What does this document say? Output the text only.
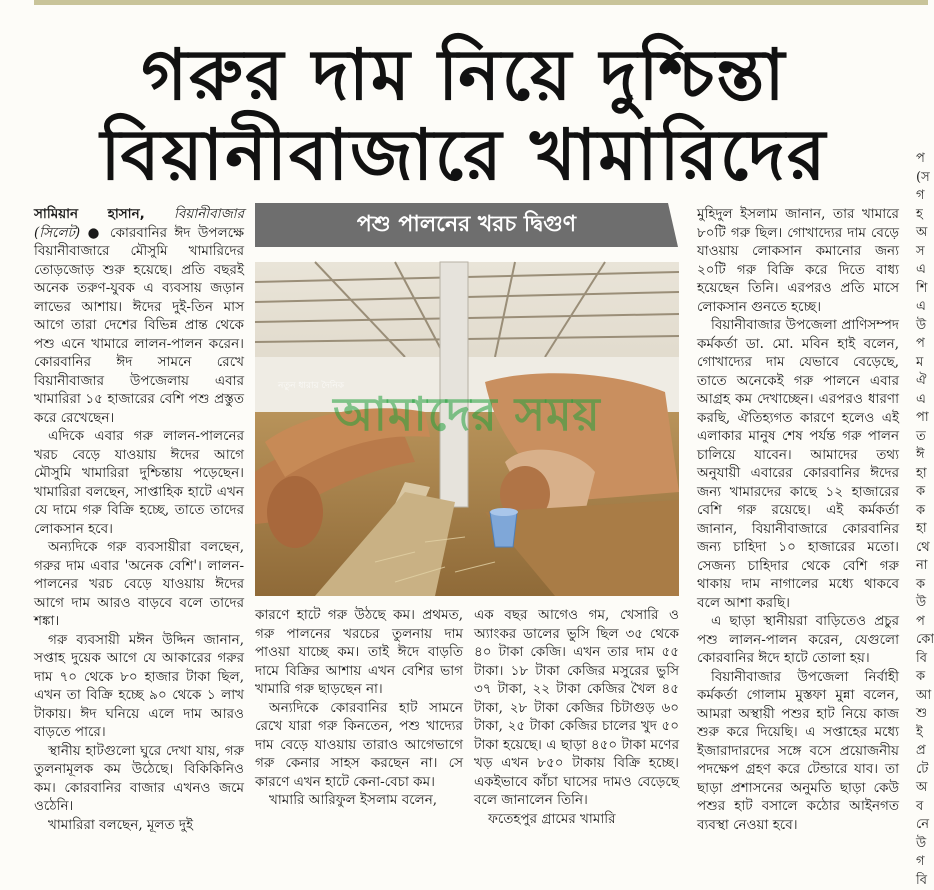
গরুর দাম নিয়ে দুশ্চিন্তা
বিয়ানীবাজারে খামারিদের
পশু পালনের খরচ দ্বিগুণ

সামিয়ান হাসান, বিয়ানীবাজার (সিলেট) ● কোরবানির ঈদ উপলক্ষে বিয়ানীবাজারে মৌসুমি খামারিদের তোড়জোড় শুরু হয়েছে। প্রতি বছরই অনেক তরুণ-যুবক এ ব্যবসায় জড়ান লাভের আশায়। ঈদের দুই-তিন মাস আগে তারা দেশের বিভিন্ন প্রান্ত থেকে পশু এনে খামারে লালন-পালন করেন। কোরবানির ঈদ সামনে রেখে বিয়ানীবাজার উপজেলায় এবার খামারিরা ১৫ হাজারের বেশি পশু প্রস্তুত করে রেখেছেন।

এদিকে এবার গরু লালন-পালনের খরচ বেড়ে যাওয়ায় ঈদের আগে মৌসুমি খামারিরা দুশ্চিন্তায় পড়েছেন। খামারিরা বলছেন, সাপ্তাহিক হাটে এখন যে দামে গরু বিক্রি হচ্ছে, তাতে তাদের লোকসান হবে।

অন্যদিকে গরু ব্যবসায়ীরা বলছেন, গরুর দাম এবার 'অনেক বেশি'। লালন-পালনের খরচ বেড়ে যাওয়ায় ঈদের আগে দাম আরও বাড়বে বলে তাদের শঙ্কা।

গরু ব্যবসায়ী মঈন উদ্দিন জানান, সপ্তাহ দুয়েক আগে যে আকারের গরুর দাম ৭০ থেকে ৮০ হাজার টাকা ছিল, এখন তা বিক্রি হচ্ছে ৯০ থেকে ১ লাখ টাকায়। ঈদ ঘনিয়ে এলে দাম আরও বাড়তে পারে।

স্থানীয় হাটগুলো ঘুরে দেখা যায়, গরু তুলনামূলক কম উঠেছে। বিকিকিনিও কম। কোরবানির বাজার এখনও জমে ওঠেনি।

খামারিরা বলছেন, মূলত দুই

নতুন ধারার দৈনিক
আমাদের সময়

কারণে হাটে গরু উঠছে কম। প্রথমত, গরু পালনের খরচের তুলনায় দাম পাওয়া যাচ্ছে কম। তাই ঈদে বাড়তি দামে বিক্রির আশায় এখন বেশির ভাগ খামারি গরু ছাড়ছেন না।

অন্যদিকে কোরবানির হাট সামনে রেখে যারা গরু কিনতেন, পশু খাদ্যের দাম বেড়ে যাওয়ায় তারাও আগেভাগে গরু কেনার সাহস করছেন না। সে কারণে এখন হাটে কেনা-বেচা কম।

খামারি আরিফুল ইসলাম বলেন,

এক বছর আগেও গম, খেসারি ও অ্যাংকর ডালের ভুসি ছিল ৩৫ থেকে ৪০ টাকা কেজি। এখন তার দাম ৫৫ টাকা। ১৮ টাকা কেজির মসুরের ভুসি ৩৭ টাকা, ২২ টাকা কেজির খৈল ৪৫ টাকা, ২৮ টাকা কেজির চিটাগুড় ৬০ টাকা, ২৫ টাকা কেজির চালের খুদ ৫০ টাকা হয়েছে। এ ছাড়া ৪৫০ টাকা মণের খড় এখন ৮৫০ টাকায় বিক্রি হচ্ছে। একইভাবে কাঁচা ঘাসের দামও বেড়েছে বলে জানালেন তিনি।

ফতেহপুর গ্রামের খামারি

মুহিদুল ইসলাম জানান, তার খামারে ৮০টি গরু ছিল। গোখাদ্যের দাম বেড়ে যাওয়ায় লোকসান কমানোর জন্য ২০টি গরু বিক্রি করে দিতে বাধ্য হয়েছেন তিনি। এরপরও প্রতি মাসে লোকসান গুনতে হচ্ছে।

বিয়ানীবাজার উপজেলা প্রাণিসম্পদ কর্মকর্তা ডা. মো. মবিন হাই বলেন, গোখাদ্যের দাম যেভাবে বেড়েছে, তাতে অনেকেই গরু পালনে এবার আগ্রহ কম দেখাচ্ছেন। এরপরও ধারণা করছি, ঐতিহ্যগত কারণে হলেও এই এলাকার মানুষ শেষ পর্যন্ত গরু পালন চালিয়ে যাবেন। আমাদের তথ্য অনুযায়ী এবারের কোরবানির ঈদের জন্য খামারদের কাছে ১২ হাজারের বেশি গরু রয়েছে। এই কর্মকর্তা জানান, বিয়ানীবাজারে কোরবানির জন্য চাহিদা ১০ হাজারের মতো। সেজন্য চাহিদার থেকে বেশি গরু থাকায় দাম নাগালের মধ্যে থাকবে বলে আশা করছি।

এ ছাড়া স্থানীয়রা বাড়িতেও প্রচুর পশু লালন-পালন করেন, যেগুলো কোরবানির ঈদে হাটে তোলা হয়।

বিয়ানীবাজার উপজেলা নির্বাহী কর্মকর্তা গোলাম মুস্তফা মুন্না বলেন, আমরা অস্থায়ী পশুর হাট নিয়ে কাজ শুরু করে দিয়েছি। এ সপ্তাহের মধ্যে ইজারাদারদের সঙ্গে বসে প্রয়োজনীয় পদক্ষেপ গ্রহণ করে টেন্ডারে যাব। তা ছাড়া প্রশাসনের অনুমতি ছাড়া কেউ পশুর হাট বসালে কঠোর আইনগত ব্যবস্থা নেওয়া হবে।

প
(স
গ
হ
অ
স
এ
শি
এ
উ
প
ম
ঐ
এ
পা
ত
ঈ
হা
ক
ক
হা
থে
না
ক
উ
প
কো
বি
ক
আ
শু
ই
প্র
টে
অ
ব
নে
উ
গ
বি
